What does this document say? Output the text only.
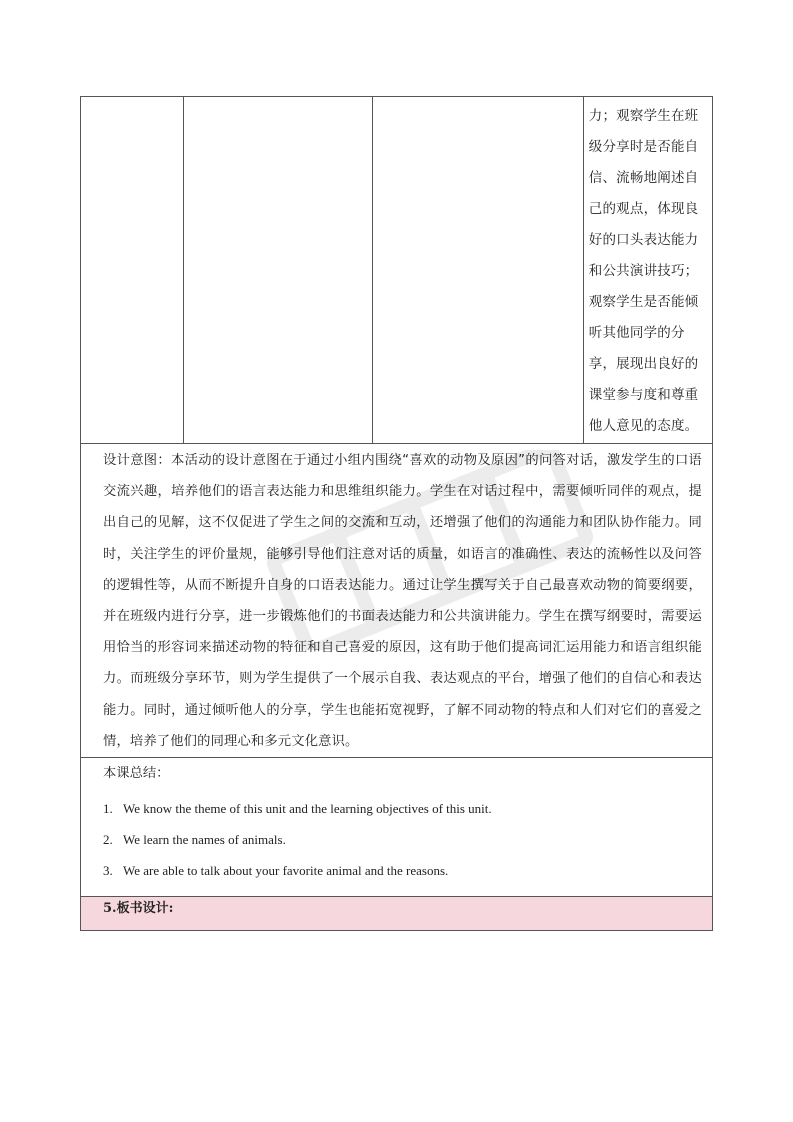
			力；观察学生在班级分享时是否能自信、流畅地阐述自己的观点，体现良好的口头表达能力和公共演讲技巧；观察学生是否能倾听其他同学的分享，展现出良好的课堂参与度和尊重他人意见的态度。
设计意图：本活动的设计意图在于通过小组内围绕“喜欢的动物及原因”的问答对话，激发学生的口语交流兴趣，培养他们的语言表达能力和思维组织能力。学生在对话过程中，需要倾听同伴的观点，提出自己的见解，这不仅促进了学生之间的交流和互动，还增强了他们的沟通能力和团队协作能力。同时，关注学生的评价量规，能够引导他们注意对话的质量，如语言的准确性、表达的流畅性以及问答的逻辑性等，从而不断提升自身的口语表达能力。通过让学生撰写关于自己最喜欢动物的简要纲要，并在班级内进行分享，进一步锻炼他们的书面表达能力和公共演讲能力。学生在撰写纲要时，需要运用恰当的形容词来描述动物的特征和自己喜爱的原因，这有助于他们提高词汇运用能力和语言组织能力。而班级分享环节，则为学生提供了一个展示自我、表达观点的平台，增强了他们的自信心和表达能力。同时，通过倾听他人的分享，学生也能拓宽视野，了解不同动物的特点和人们对它们的喜爱之情，培养了他们的同理心和多元文化意识。

本课总结：
1. We know the theme of this unit and the learning objectives of this unit.
2. We learn the names of animals.
3. We are able to talk about your favorite animal and the reasons.

5.板书设计:
